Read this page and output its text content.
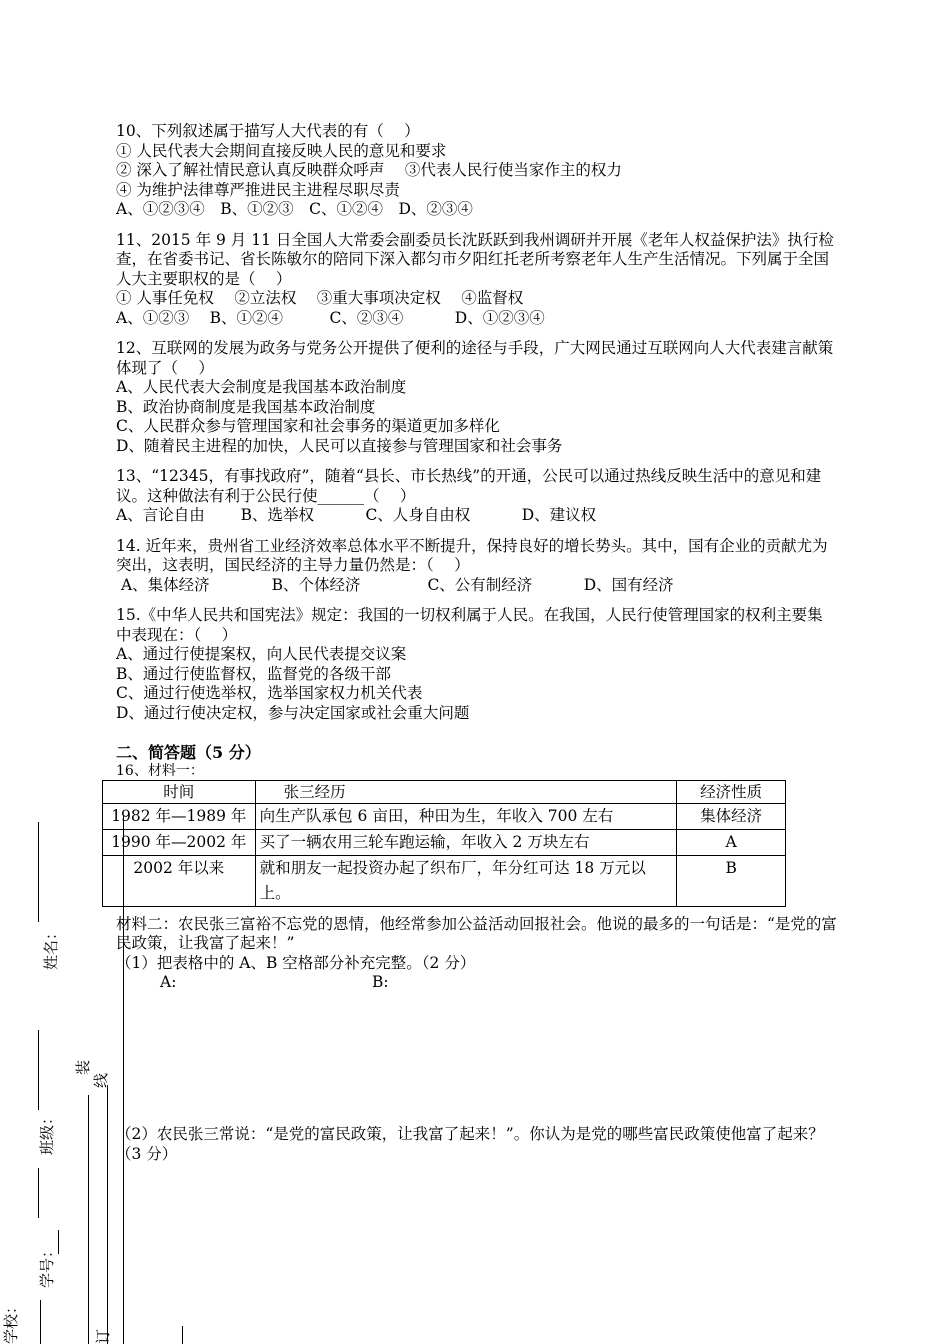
10、下列叙述属于描写人大代表的有（　 ）

① 人民代表大会期间直接反映人民的意见和要求

② 深入了解社情民意认真反映群众呼声　 ③代表人民行使当家作主的权力

④ 为维护法律尊严推进民主进程尽职尽责

A、①②③④　B、①②③　C、①②④　D、②③④

11、2015 年 9 月 11 日全国人大常委会副委员长沈跃跃到我州调研并开展《老年人权益保护法》执行检查，在省委书记、省长陈敏尔的陪同下深入都匀市夕阳红托老所考察老年人生产生活情况。下列属于全国人大主要职权的是（　 ）

① 人事任免权　 ②立法权　 ③重大事项决定权　 ④监督权

A、①②③　 B、①②④　　　C、②③④　　　 D、①②③④

12、互联网的发展为政务与党务公开提供了便利的途径与手段，广大网民通过互联网向人大代表建言献策体现了（　 ）

A、人民代表大会制度是我国基本政治制度

B、政治协商制度是我国基本政治制度

C、人民群众参与管理国家和社会事务的渠道更加多样化

D、随着民主进程的加快，人民可以直接参与管理国家和社会事务

13、“12345，有事找政府”，随着“县长、市长热线”的开通，公民可以通过热线反映生活中的意见和建议。这种做法有利于公民行使______（　 ）

A、言论自由　　 B、选举权　　　 C、人身自由权　　　 D、建议权

14. 近年来，贵州省工业经济效率总体水平不断提升，保持良好的增长势头。其中，国有企业的贡献尤为突出，这表明，国民经济的主导力量仍然是：（　 ）

A、集体经济　　　　B、个体经济　　　　 C、公有制经济　　　 D、国有经济

15.《中华人民共和国宪法》规定：我国的一切权利属于人民。在我国，人民行使管理国家的权利主要集中表现在：（　 ）

A、通过行使提案权，向人民代表提交议案

B、通过行使监督权，监督党的各级干部

C、通过行使选举权，选举国家权力机关代表

D、通过行使决定权，参与决定国家或社会重大问题

二、简答题（5 分）

16、材料一：

时间	张三经历	经济性质
1982 年—1989 年	向生产队承包 6 亩田，种田为生，年收入 700 左右	集体经济
1990 年—2002 年	买了一辆农用三轮车跑运输，年收入 2 万块左右	A
2002 年以来	就和朋友一起投资办起了织布厂，年分红可达 18 万元以上。	B

材料二：农民张三富裕不忘党的恩情，他经常参加公益活动回报社会。他说的最多的一句话是：“是党的富民政策，让我富了起来！”

（1）把表格中的 A、B 空格部分补充完整。（2 分）

A:	B:

（2）农民张三常说：“是党的富民政策，让我富了起来！”。你认为是党的哪些富民政策使他富了起来？（3 分）

姓名：
班级：
学号：
学校：
装
线
订
